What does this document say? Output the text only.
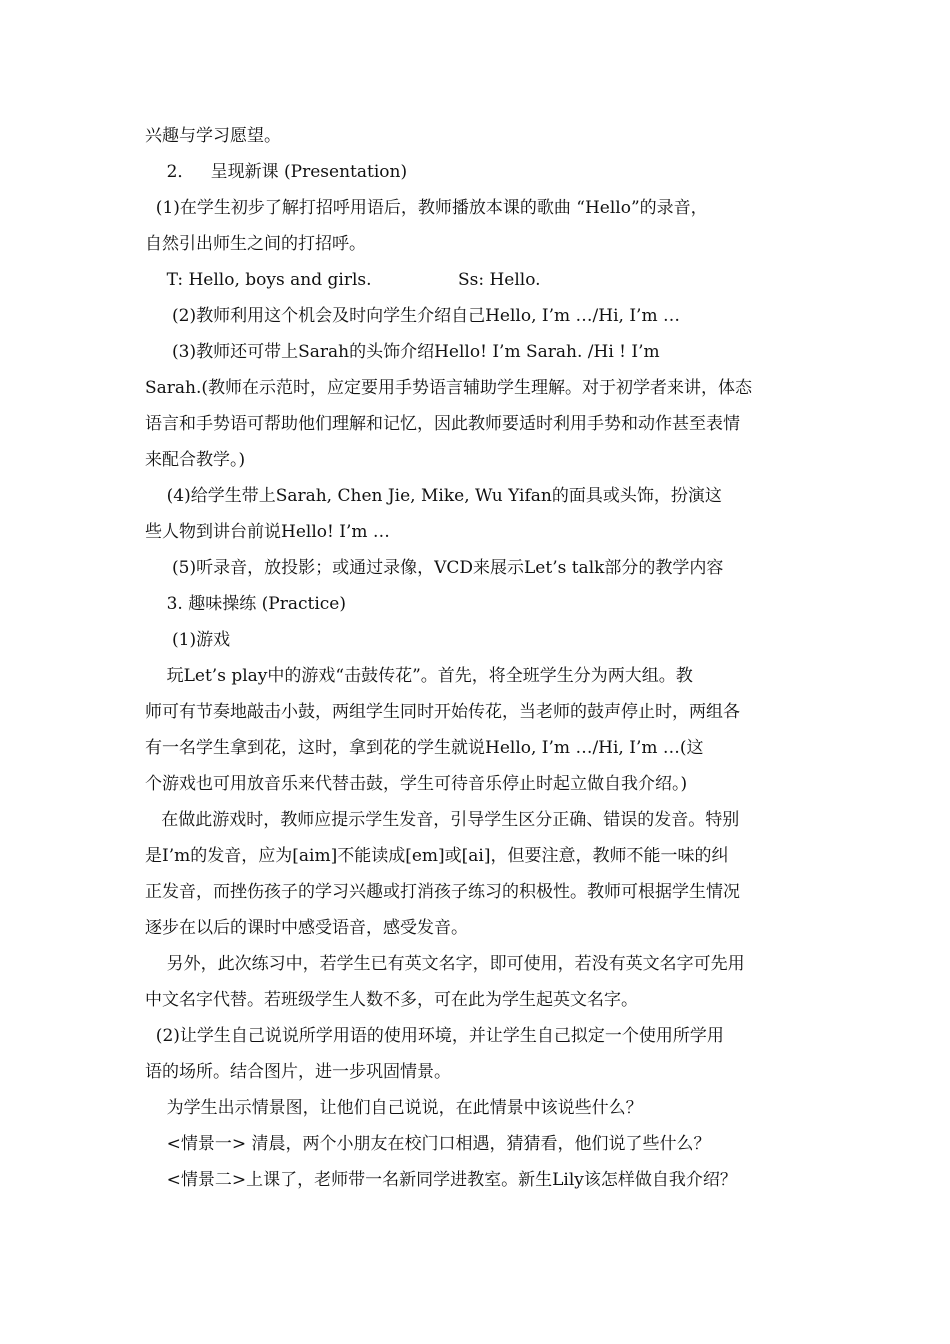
兴趣与学习愿望。
2．   呈现新课 (Presentation)
(1)在学生初步了解打招呼用语后，教师播放本课的歌曲 “Hello”的录音，
自然引出师生之间的打招呼。
T: Hello, boys and girls.                Ss: Hello.
(2)教师利用这个机会及时向学生介绍自己Hello, I’m …/Hi, I’m …
(3)教师还可带上Sarah的头饰介绍Hello! I’m Sarah. /Hi ! I’m
Sarah.(教师在示范时，应定要用手势语言辅助学生理解。对于初学者来讲，体态
语言和手势语可帮助他们理解和记忆，因此教师要适时利用手势和动作甚至表情
来配合教学。)
(4)给学生带上Sarah, Chen Jie, Mike, Wu Yifan的面具或头饰，扮演这
些人物到讲台前说Hello! I’m …
(5)听录音，放投影；或通过录像，VCD来展示Let’s talk部分的教学内容
3. 趣味操练 (Practice)
(1)游戏
玩Let’s play中的游戏“击鼓传花”。首先，将全班学生分为两大组。教
师可有节奏地敲击小鼓，两组学生同时开始传花，当老师的鼓声停止时，两组各
有一名学生拿到花，这时，拿到花的学生就说Hello, I’m …/Hi, I’m …(这
个游戏也可用放音乐来代替击鼓，学生可待音乐停止时起立做自我介绍。)
在做此游戏时，教师应提示学生发音，引导学生区分正确、错误的发音。特别
是I’m的发音，应为[aim]不能读成[em]或[ai]，但要注意，教师不能一味的纠
正发音，而挫伤孩子的学习兴趣或打消孩子练习的积极性。教师可根据学生情况
逐步在以后的课时中感受语音，感受发音。
另外，此次练习中，若学生已有英文名字，即可使用，若没有英文名字可先用
中文名字代替。若班级学生人数不多，可在此为学生起英文名字。
(2)让学生自己说说所学用语的使用环境，并让学生自己拟定一个使用所学用
语的场所。结合图片，进一步巩固情景。
为学生出示情景图，让他们自己说说，在此情景中该说些什么？
<情景一> 清晨，两个小朋友在校门口相遇，猜猜看，他们说了些什么？
<情景二>上课了，老师带一名新同学进教室。新生Lily该怎样做自我介绍？
